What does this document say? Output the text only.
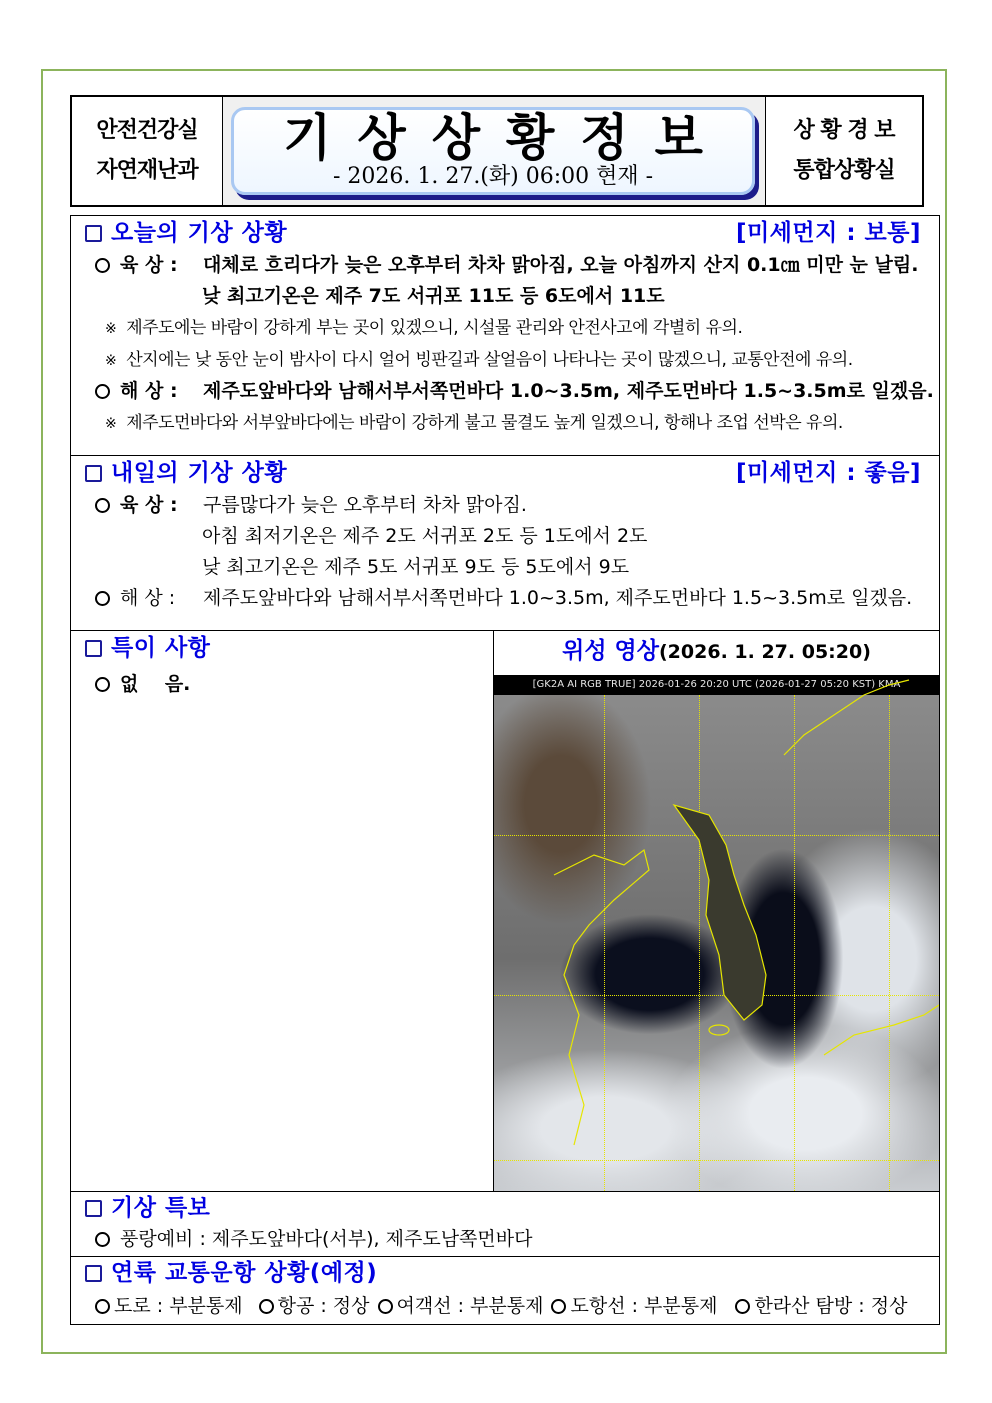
안전건강실
자연재난과
기상상황정보
- 2026. 1. 27.(화) 06:00 현재 -
상 황 경 보
통합상황실
오늘의 기상 상황	[미세먼지 : 보통]
육 상 :	대체로 흐리다가 늦은 오후부터 차차 맑아짐, 오늘 아침까지 산지 0.1㎝ 미만 눈 날림.
낮 최고기온은 제주 7도 서귀포 11도 등 6도에서 11도
※ 제주도에는 바람이 강하게 부는 곳이 있겠으니, 시설물 관리와 안전사고에 각별히 유의.
※ 산지에는 낮 동안 눈이 밤사이 다시 얼어 빙판길과 살얼음이 나타나는 곳이 많겠으니, 교통안전에 유의.
해 상 :	제주도앞바다와 남해서부서쪽먼바다 1.0~3.5m, 제주도먼바다 1.5~3.5m로 일겠음.
※ 제주도먼바다와 서부앞바다에는 바람이 강하게 불고 물결도 높게 일겠으니, 항해나 조업 선박은 유의.
내일의 기상 상황	[미세먼지 : 좋음]
육 상 :	구름많다가 늦은 오후부터 차차 맑아짐.
아침 최저기온은 제주 2도 서귀포 2도 등 1도에서 2도
낮 최고기온은 제주 5도 서귀포 9도 등 5도에서 9도
해 상 :	제주도앞바다와 남해서부서쪽먼바다 1.0~3.5m, 제주도먼바다 1.5~3.5m로 일겠음.
특이 사항
없    음.
위성 영상(2026. 1. 27. 05:20)
[GK2A AI RGB TRUE] 2026-01-26 20:20 UTC (2026-01-27 05:20 KST) KMA
기상 특보
풍랑예비 : 제주도앞바다(서부), 제주도남쪽먼바다
연륙 교통운항 상황(예정)
도로 : 부분통제 항공 : 정상 여객선 : 부분통제 도항선 : 부분통제 한라산 탐방 : 정상
